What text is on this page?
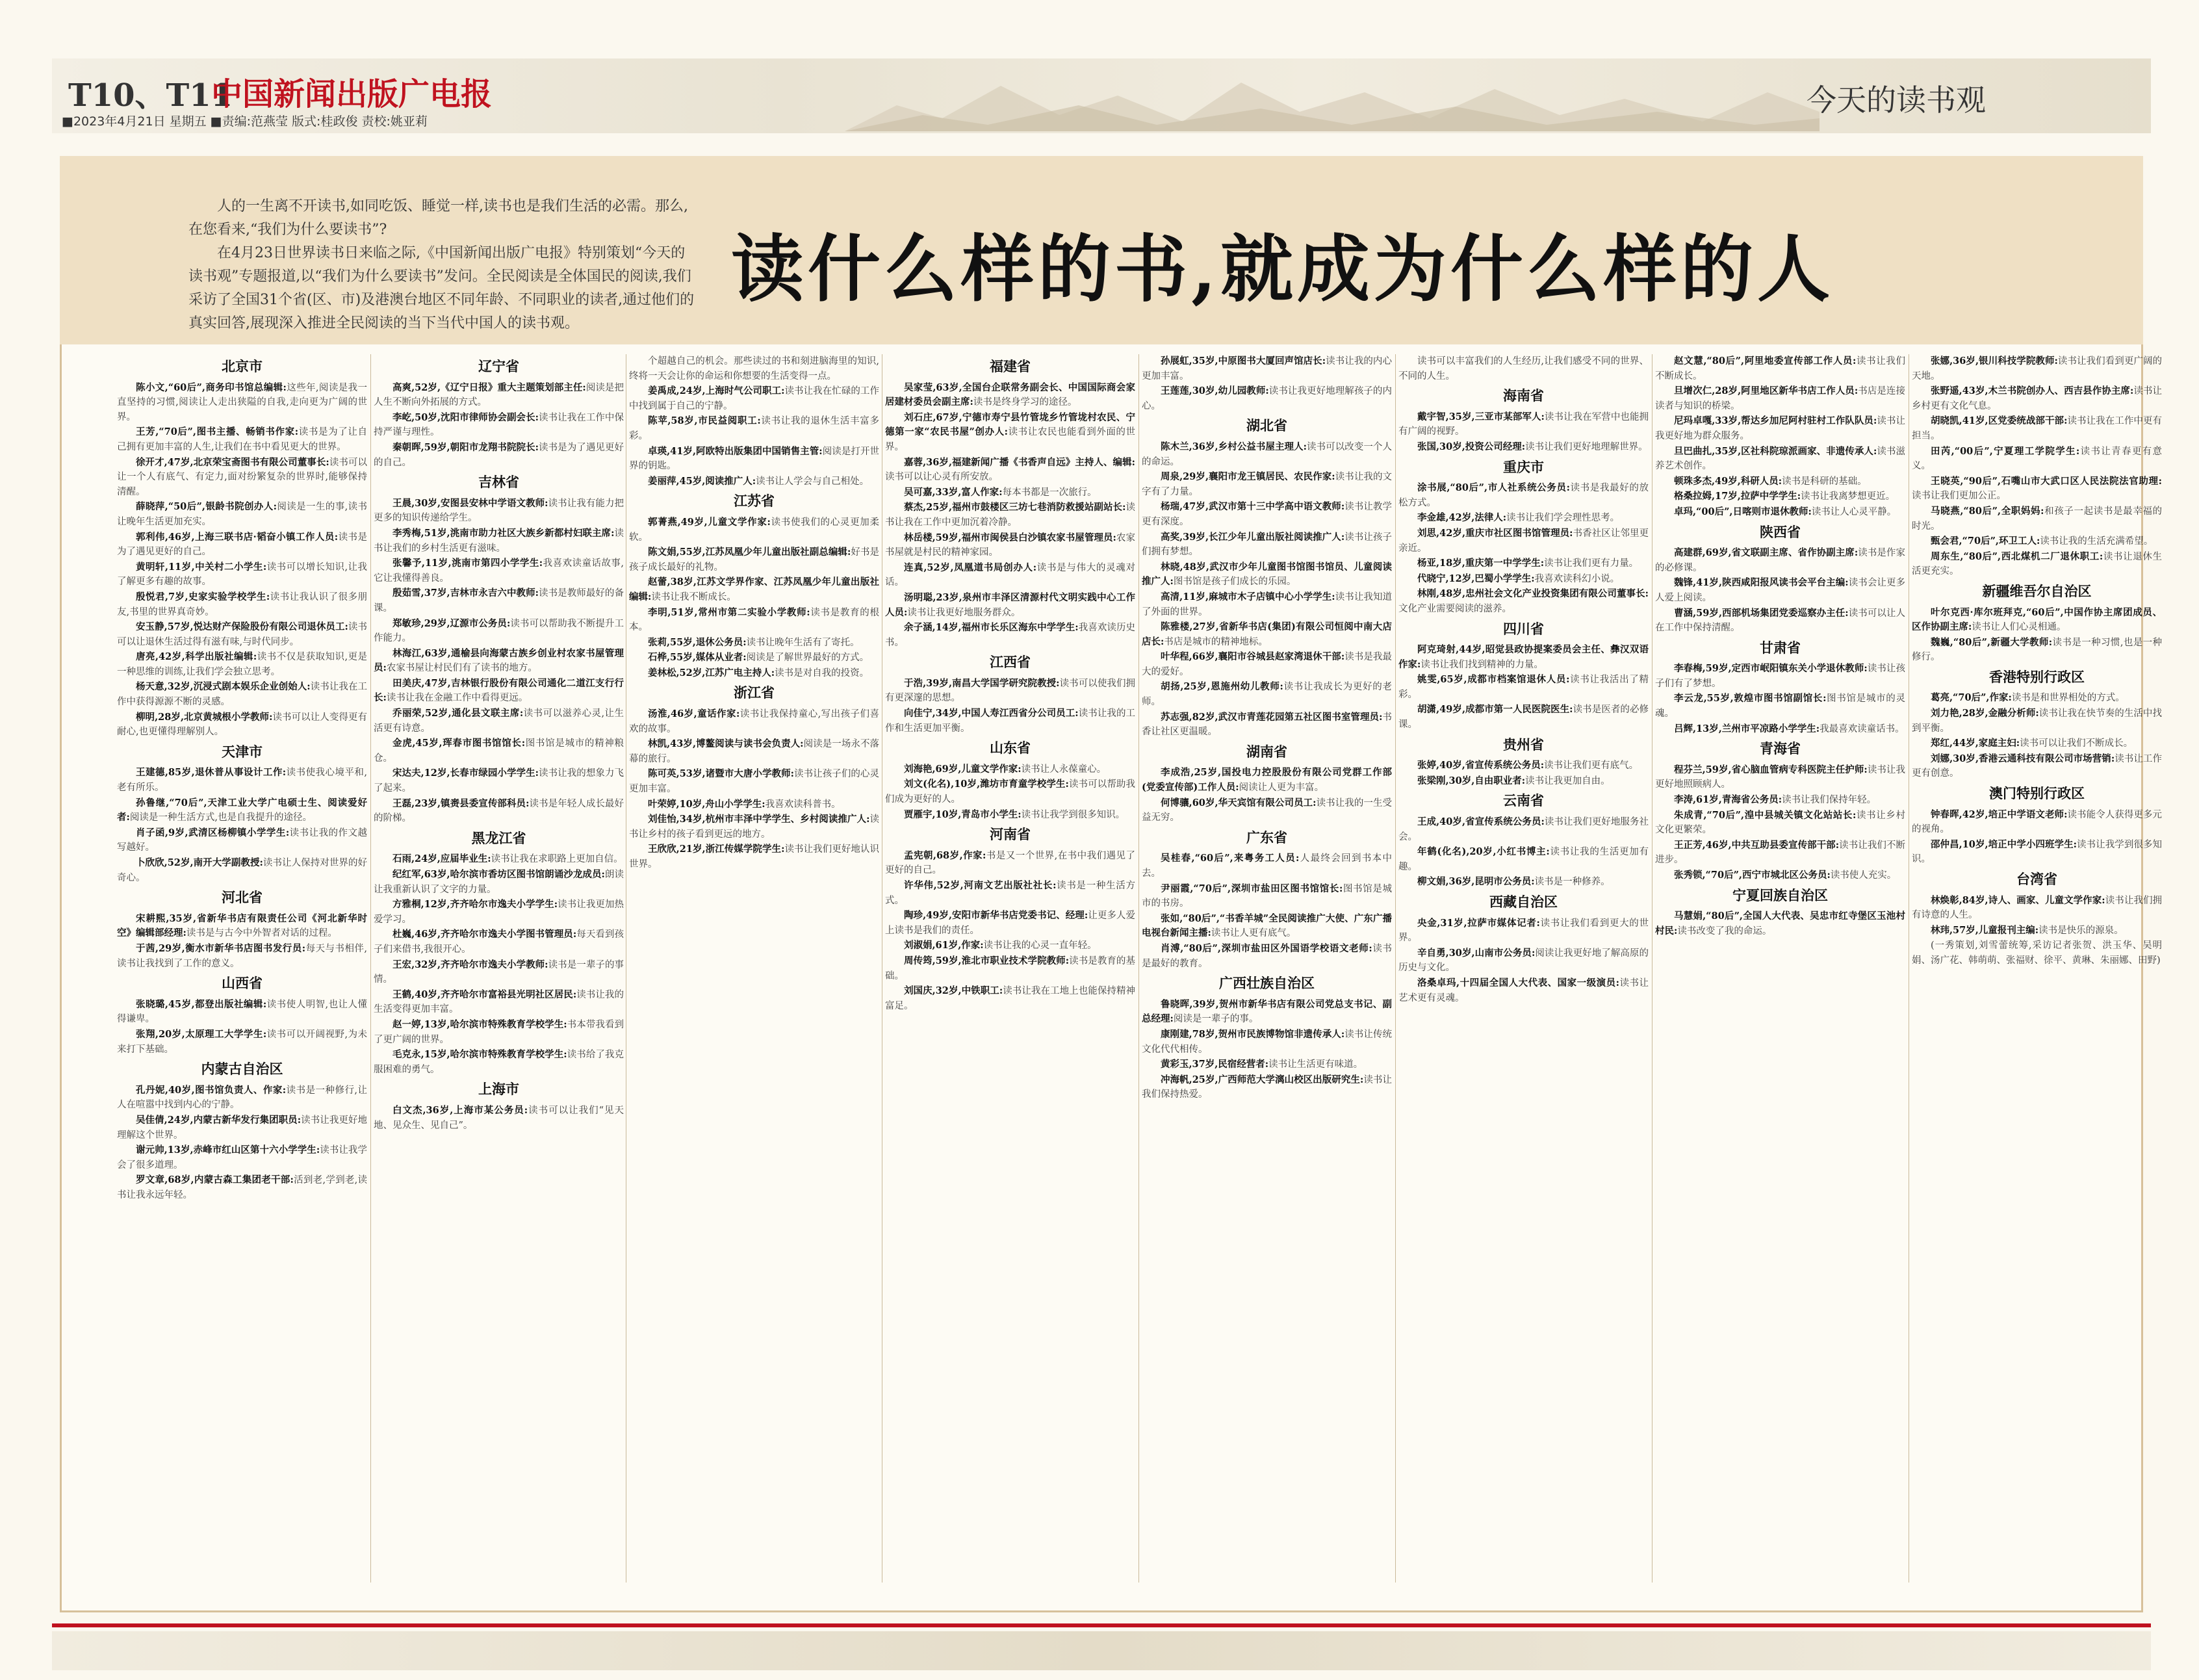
T10、T11
中国新闻出版广电报
■2023年4月21日 星期五 ■责编:范燕莹 版式:桂政俊 责校:姚亚莉
今天的读书观

人的一生离不开读书,如同吃饭、睡觉一样,读书也是我们生活的必需。那么,在您看来,“我们为什么要读书”?

在4月23日世界读书日来临之际,《中国新闻出版广电报》特别策划“今天的读书观”专题报道,以“我们为什么要读书”发问。全民阅读是全体国民的阅读,我们采访了全国31个省(区、市)及港澳台地区不同年龄、不同职业的读者,通过他们的真实回答,展现深入推进全民阅读的当下当代中国人的读书观。

读什么样的书,就成为什么样的人
北京市

陈小文,“60后”,商务印书馆总编辑:这些年,阅读是我一直坚持的习惯,阅读让人走出狭隘的自我,走向更为广阔的世界。

王芳,“70后”,图书主播、畅销书作家:读书是为了让自己拥有更加丰富的人生,让我们在书中看见更大的世界。

徐开才,47岁,北京荣宝斋图书有限公司董事长:读书可以让一个人有底气、有定力,面对纷繁复杂的世界时,能够保持清醒。

薛晓萍,“50后”,银龄书院创办人:阅读是一生的事,读书让晚年生活更加充实。

郭利伟,46岁,上海三联书店·韬奋小镇工作人员:读书是为了遇见更好的自己。

黄明轩,11岁,中关村二小学生:读书可以增长知识,让我了解更多有趣的故事。

殷悦君,7岁,史家实验学校学生:读书让我认识了很多朋友,书里的世界真奇妙。

安玉静,57岁,悦达财产保险股份有限公司退休员工:读书可以让退休生活过得有滋有味,与时代同步。

唐亮,42岁,科学出版社编辑:读书不仅是获取知识,更是一种思维的训练,让我们学会独立思考。

杨天意,32岁,沉浸式剧本娱乐企业创始人:读书让我在工作中获得源源不断的灵感。

柳明,28岁,北京黄城根小学教师:读书可以让人变得更有耐心,也更懂得理解别人。

天津市

王建德,85岁,退休普从事设计工作:读书使我心境平和,老有所乐。

孙鲁继,“70后”,天津工业大学广电硕士生、阅读爱好者:阅读是一种生活方式,也是自我提升的途径。

肖子函,9岁,武清区杨柳镇小学学生:读书让我的作文越写越好。

卜欣欣,52岁,南开大学副教授:读书让人保持对世界的好奇心。

河北省

宋耕熙,35岁,省新华书店有限责任公司《河北新华时空》编辑部经理:读书是与古今中外智者对话的过程。

于茜,29岁,衡水市新华书店图书发行员:每天与书相伴,读书让我找到了工作的意义。

山西省

张晓璐,45岁,都登出版社编辑:读书使人明智,也让人懂得谦卑。

张翔,20岁,太原理工大学学生:读书可以开阔视野,为未来打下基础。

内蒙古自治区

孔丹妮,40岁,图书馆负责人、作家:读书是一种修行,让人在喧嚣中找到内心的宁静。

吴佳倩,24岁,内蒙古新华发行集团职员:读书让我更好地理解这个世界。

谢元帅,13岁,赤峰市红山区第十六小学学生:读书让我学会了很多道理。

罗文章,68岁,内蒙古森工集团老干部:活到老,学到老,读书让我永远年轻。

辽宁省

高爽,52岁,《辽宁日报》重大主题策划部主任:阅读是把人生不断向外拓展的方式。

李屹,50岁,沈阳市律师协会副会长:读书让我在工作中保持严谨与理性。

秦朝晖,59岁,朝阳市龙翔书院院长:读书是为了遇见更好的自己。

吉林省

王晨,30岁,安图县安林中学语文教师:读书让我有能力把更多的知识传递给学生。

李秀梅,51岁,洮南市助力社区大族乡新都村妇联主席:读书让我们的乡村生活更有滋味。

张馨予,11岁,洮南市第四小学学生:我喜欢读童话故事,它让我懂得善良。

殷茹雪,37岁,吉林市永吉六中教师:读书是教师最好的备课。

郑敏珍,29岁,辽源市公务员:读书可以帮助我不断提升工作能力。

林海江,63岁,通榆县向海蒙古族乡创业村农家书屋管理员:农家书屋让村民们有了读书的地方。

田美庆,47岁,吉林银行股份有限公司通化二道江支行行长:读书让我在金融工作中看得更远。

乔丽荣,52岁,通化县文联主席:读书可以滋养心灵,让生活更有诗意。

金虎,45岁,珲春市图书馆馆长:图书馆是城市的精神粮仓。

宋达夫,12岁,长春市绿园小学学生:读书让我的想象力飞了起来。

王磊,23岁,镇赉县委宣传部科员:读书是年轻人成长最好的阶梯。

黑龙江省

石雨,24岁,应届毕业生:读书让我在求职路上更加自信。

纪红军,63岁,哈尔滨市香坊区图书馆朗诵沙龙成员:朗读让我重新认识了文字的力量。

方雅桐,12岁,齐齐哈尔市逸夫小学学生:读书让我更加热爱学习。

杜巍,46岁,齐齐哈尔市逸夫小学图书管理员:每天看到孩子们来借书,我很开心。

王宏,32岁,齐齐哈尔市逸夫小学教师:读书是一辈子的事情。

王鹤,40岁,齐齐哈尔市富裕县光明社区居民:读书让我的生活变得更加丰富。

赵一婷,13岁,哈尔滨市特殊教育学校学生:书本带我看到了更广阔的世界。

毛克永,15岁,哈尔滨市特殊教育学校学生:读书给了我克服困难的勇气。

上海市

白文杰,36岁,上海市某公务员:读书可以让我们“见天地、见众生、见自己”。

个超越自己的机会。那些读过的书和刻进脑海里的知识,终将一天会让你的命运和你想要的生活变得一点。

姜禹成,24岁,上海时气公司职工:读书让我在忙碌的工作中找到属于自己的宁静。

陈苹,58岁,市民益阅职工:读书让我的退休生活丰富多彩。

卓瑛,41岁,阿欧特出版集团中国销售主管:阅读是打开世界的钥匙。

姜丽萍,45岁,阅读推广人:读书让人学会与自己相处。

江苏省

郭菁燕,49岁,儿童文学作家:读书使我们的心灵更加柔软。

陈文娟,55岁,江苏凤凰少年儿童出版社副总编辑:好书是孩子成长最好的礼物。

赵蕾,38岁,江苏文学界作家、江苏凤凰少年儿童出版社编辑:读书让我不断成长。

李明,51岁,常州市第二实验小学教师:读书是教育的根本。

张莉,55岁,退休公务员:读书让晚年生活有了寄托。

石桦,55岁,媒体从业者:阅读是了解世界最好的方式。

姜林松,52岁,江苏广电主持人:读书是对自我的投资。

浙江省

汤淮,46岁,童话作家:读书让我保持童心,写出孩子们喜欢的故事。

林凯,43岁,博鳌阅读与读书会负责人:阅读是一场永不落幕的旅行。

陈可英,53岁,诸暨市大唐小学教师:读书让孩子们的心灵更加丰富。

叶荣婷,10岁,舟山小学学生:我喜欢读科普书。

刘佳怡,34岁,杭州市丰泽中学学生、乡村阅读推广人:读书让乡村的孩子看到更远的地方。

王欣欣,21岁,浙江传媒学院学生:读书让我们更好地认识世界。

福建省

吴家莹,63岁,全国台企联常务副会长、中国国际商会家居建材委员会副主席:读书是终身学习的途径。

刘石庄,67岁,宁德市寿宁县竹管垅乡竹管垅村农民、宁德第一家“农民书屋”创办人:读书让农民也能看到外面的世界。

嘉蓉,36岁,福建新闻广播《书香声自远》主持人、编辑:读书可以让心灵有所安放。

吴可嘉,33岁,富人作家:每本书都是一次旅行。

蔡杰,25岁,福州市鼓楼区三坊七巷消防救援站副站长:读书让我在工作中更加沉着冷静。

林岳楼,59岁,福州市闽侯县白沙镇农家书屋管理员:农家书屋就是村民的精神家园。

连真,52岁,凤凰道书局创办人:读书是与伟大的灵魂对话。

汤明聪,23岁,泉州市丰泽区清源村代文明实践中心工作人员:读书让我更好地服务群众。

余子涵,14岁,福州市长乐区海东中学学生:我喜欢读历史书。

江西省

于浩,39岁,南昌大学国学研究院教授:读书可以使我们拥有更深邃的思想。

向佳宁,34岁,中国人寿江西省分公司员工:读书让我的工作和生活更加平衡。

山东省

刘海艳,69岁,儿童文学作家:读书让人永葆童心。

刘文(化名),10岁,潍坊市育童学校学生:读书可以帮助我们成为更好的人。

贾雁宇,10岁,青岛市小学生:读书让我学到很多知识。

河南省

孟宪朝,68岁,作家:书是又一个世界,在书中我们遇见了更好的自己。

许华伟,52岁,河南文艺出版社社长:读书是一种生活方式。

陶珍,49岁,安阳市新华书店党委书记、经理:让更多人爱上读书是我们的责任。

刘淑娟,61岁,作家:读书让我的心灵一直年轻。

周传筠,59岁,淮北市职业技术学院教师:读书是教育的基础。

刘国庆,32岁,中铁职工:读书让我在工地上也能保持精神富足。

孙展虹,35岁,中原图书大厦回声馆店长:读书让我的内心更加丰富。

王莲莲,30岁,幼儿园教师:读书让我更好地理解孩子的内心。

湖北省

陈木兰,36岁,乡村公益书屋主理人:读书可以改变一个人的命运。

周泉,29岁,襄阳市龙王镇居民、农民作家:读书让我的文字有了力量。

杨瑞,47岁,武汉市第十三中学高中语文教师:读书让教学更有深度。

高奖,39岁,长江少年儿童出版社阅读推广人:读书让孩子们拥有梦想。

林晓,48岁,武汉市少年儿童图书馆图书馆员、儿童阅读推广人:图书馆是孩子们成长的乐园。

高清,11岁,麻城市木子店镇中心小学学生:读书让我知道了外面的世界。

陈雅楼,27岁,省新华书店(集团)有限公司恒阅中南大店店长:书店是城市的精神地标。

叶华程,66岁,襄阳市谷城县赵家湾退休干部:读书是我最大的爱好。

胡扬,25岁,恩施州幼儿教师:读书让我成长为更好的老师。

苏志强,82岁,武汉市青莲花园第五社区图书室管理员:书香让社区更温暖。

湖南省

李成浩,25岁,国投电力控股股份有限公司党群工作部(党委宣传部)工作人员:阅读让人更为丰富。

何博骧,60岁,华天宾馆有限公司员工:读书让我的一生受益无穷。

广东省

吴桂春,“60后”,来粤务工人员:人最终会回到书本中去。

尹丽霞,“70后”,深圳市盐田区图书馆馆长:图书馆是城市的书房。

张如,“80后”,“书香羊城”全民阅读推广大使、广东广播电视台新闻主播:读书让人更有底气。

肖溥,“80后”,深圳市盐田区外国语学校语文老师:读书是最好的教育。

广西壮族自治区

鲁晓晖,39岁,贺州市新华书店有限公司党总支书记、副总经理:阅读是一辈子的事。

康刚建,78岁,贺州市民族博物馆非遗传承人:读书让传统文化代代相传。

黄彩玉,37岁,民宿经营者:读书让生活更有味道。

冲海帆,25岁,广西师范大学漓山校区出版研究生:读书让我们保持热爱。

读书可以丰富我们的人生经历,让我们感受不同的世界、不同的人生。

海南省

戴宇智,35岁,三亚市某部军人:读书让我在军营中也能拥有广阔的视野。

张国,30岁,投资公司经理:读书让我们更好地理解世界。

重庆市

涂书展,“80后”,市人社系统公务员:读书是我最好的放松方式。

李金雄,42岁,法律人:读书让我们学会理性思考。

刘思,42岁,重庆市社区图书馆管理员:书香社区让邻里更亲近。

杨亚,18岁,重庆第一中学学生:读书让我们更有力量。

代晓宁,12岁,巴蜀小学学生:我喜欢读科幻小说。

林刚,48岁,忠州社会文化产业投资集团有限公司董事长:文化产业需要阅读的滋养。

四川省

阿克琦射,44岁,昭觉县政协提案委员会主任、彝汉双语作家:读书让我们找到精神的力量。

姚雯,65岁,成都市档案馆退休人员:读书让我活出了精彩。

胡潇,49岁,成都市第一人民医院医生:读书是医者的必修课。

贵州省

张婷,40岁,省宣传系统公务员:读书让我们更有底气。

张梁刚,30岁,自由职业者:读书让我更加自由。

云南省

王成,40岁,省宣传系统公务员:读书让我们更好地服务社会。

年鹤(化名),20岁,小红书博主:读书让我的生活更加有趣。

柳文娟,36岁,昆明市公务员:读书是一种修养。

西藏自治区

央金,31岁,拉萨市媒体记者:读书让我们看到更大的世界。

辛自勇,30岁,山南市公务员:阅读让我更好地了解高原的历史与文化。

洛桑卓玛,十四届全国人大代表、国家一级演员:读书让艺术更有灵魂。

赵文慧,“80后”,阿里地委宣传部工作人员:读书让我们不断成长。

旦增次仁,28岁,阿里地区新华书店工作人员:书店是连接读者与知识的桥梁。

尼玛卓嘎,33岁,帮达乡加尼阿村驻村工作队队员:读书让我更好地为群众服务。

旦巴曲扎,35岁,区社科院琼派画家、非遗传承人:读书滋养艺术创作。

顿珠多杰,49岁,科研人员:读书是科研的基础。

格桑拉姆,17岁,拉萨中学学生:读书让我离梦想更近。

卓玛,“00后”,日喀则市退休教师:读书让人心灵平静。

陕西省

高建群,69岁,省文联副主席、省作协副主席:读书是作家的必修课。

魏锋,41岁,陕西咸阳报风读书会平台主编:读书会让更多人爱上阅读。

曹涵,59岁,西部机场集团党委巡察办主任:读书可以让人在工作中保持清醒。

甘肃省

李春梅,59岁,定西市岷阳镇东关小学退休教师:读书让孩子们有了梦想。

李云龙,55岁,敦煌市图书馆副馆长:图书馆是城市的灵魂。

吕辉,13岁,兰州市平凉路小学学生:我最喜欢读童话书。

青海省

程芬兰,59岁,省心脑血管病专科医院主任护师:读书让我更好地照顾病人。

李涛,61岁,青海省公务员:读书让我们保持年轻。

朱成青,“70后”,湟中县城关镇文化站站长:读书让乡村文化更繁荣。

王正芳,46岁,中共互助县委宣传部干部:读书让我们不断进步。

张秀锁,“70后”,西宁市城北区公务员:读书使人充实。

宁夏回族自治区

马慧娟,“80后”,全国人大代表、吴忠市红寺堡区玉池村村民:读书改变了我的命运。

张娜,36岁,银川科技学院教师:读书让我们看到更广阔的天地。

张野遥,43岁,木兰书院创办人、西吉县作协主席:读书让乡村更有文化气息。

胡晓凯,41岁,区党委统战部干部:读书让我在工作中更有担当。

田芮,“00后”,宁夏理工学院学生:读书让青春更有意义。

王晓英,“90后”,石嘴山市大武口区人民法院法官助理:读书让我们更加公正。

马晓燕,“80后”,全职妈妈:和孩子一起读书是最幸福的时光。

甄会君,“70后”,环卫工人:读书让我的生活充满希望。

周东生,“80后”,西北煤机二厂退休职工:读书让退休生活更充实。

新疆维吾尔自治区

叶尔克西·库尔班拜克,“60后”,中国作协主席团成员、区作协副主席:读书让人们心灵相通。

魏巍,“80后”,新疆大学教师:读书是一种习惯,也是一种修行。

香港特别行政区

葛亮,“70后”,作家:读书是和世界相处的方式。

刘力艳,28岁,金融分析师:读书让我在快节奏的生活中找到平衡。

郑红,44岁,家庭主妇:读书可以让我们不断成长。

刘娜,30岁,香港云通科技有限公司市场营销:读书让工作更有创意。

澳门特别行政区

钟春晖,42岁,培正中学语文老师:读书能令人获得更多元的视角。

邵仲昌,10岁,培正中学小四班学生:读书让我学到很多知识。

台湾省

林焕彰,84岁,诗人、画家、儿童文学作家:读书让我们拥有诗意的人生。

林玮,57岁,儿童报刊主编:读书是快乐的源泉。

(一秀策划,刘雪蕾统筹,采访记者张贺、洪玉华、吴明娟、汤广花、韩萌萌、张福财、徐平、黄琳、朱丽娜、田野)
